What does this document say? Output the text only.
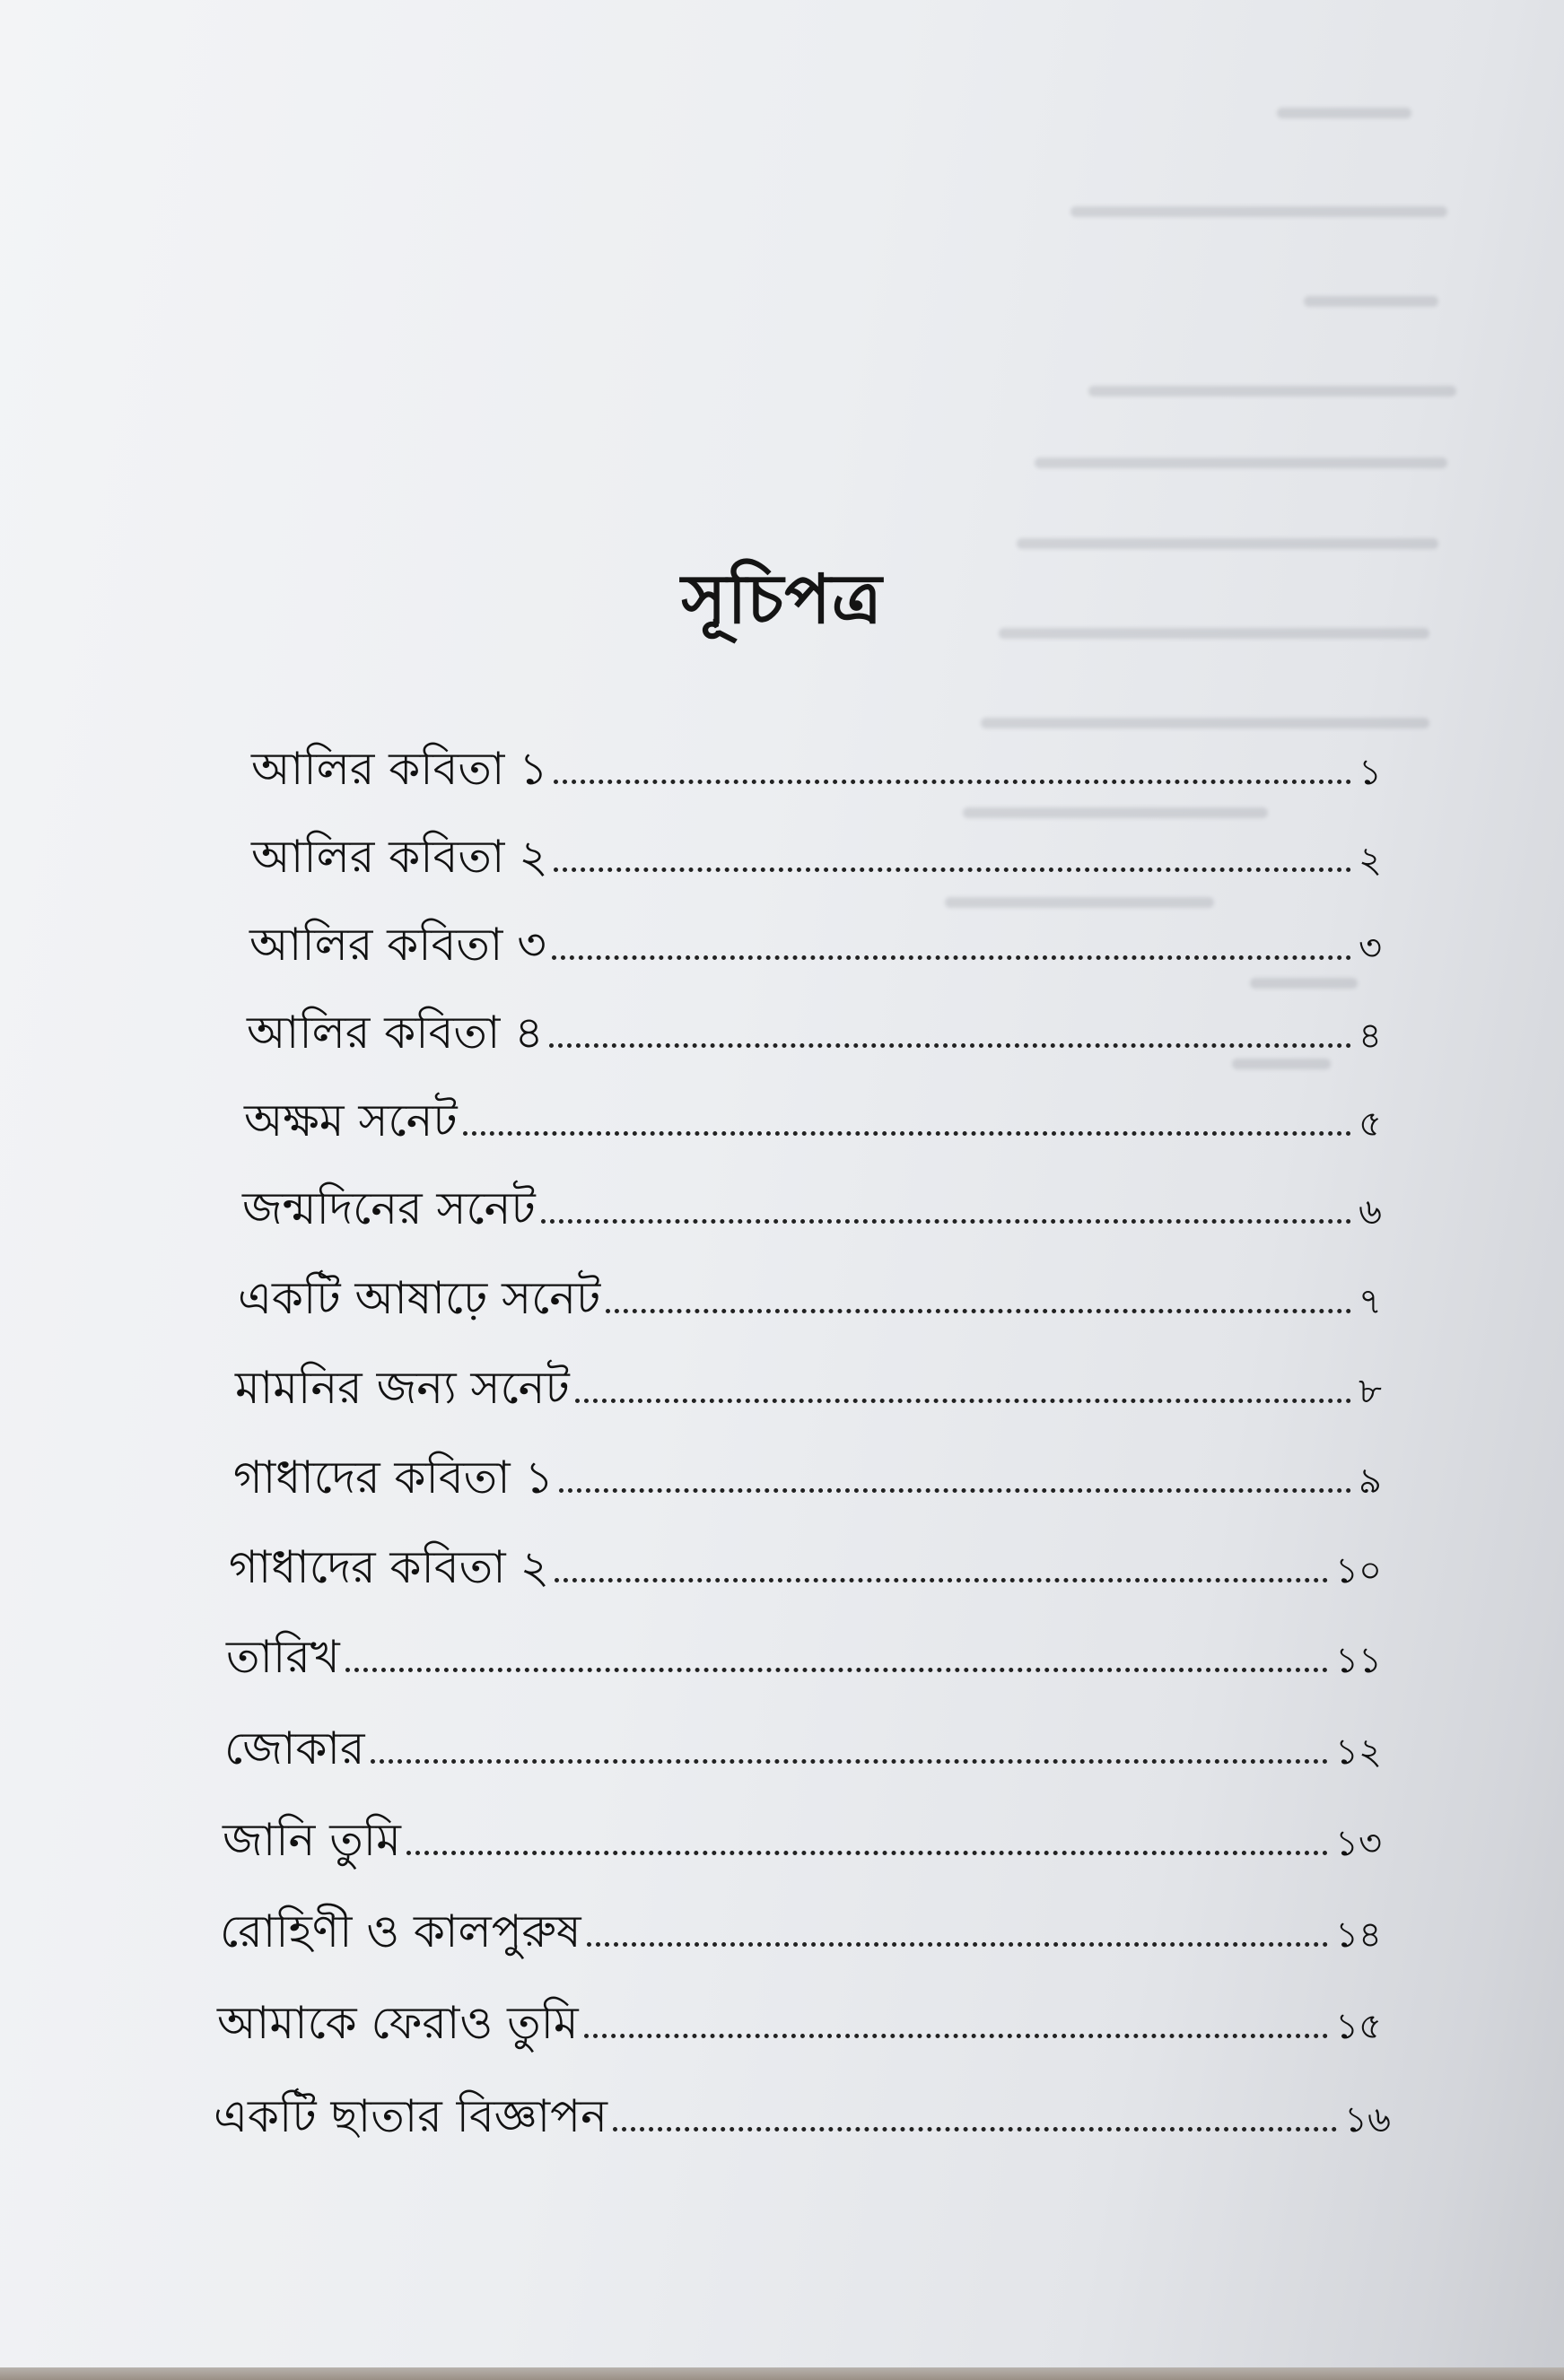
সূচিপত্র
আলির কবিতা ১	১
আলির কবিতা ২	২
আলির কবিতা ৩	৩
আলির কবিতা ৪	৪
অক্ষম সনেট	৫
জন্মদিনের সনেট	৬
একটি আষাঢ়ে সনেট	৭
মামনির জন্য সনেট	৮
গাধাদের কবিতা ১	৯
গাধাদের কবিতা ২	১০
তারিখ	১১
জোকার	১২
জানি তুমি	১৩
রোহিণী ও কালপুরুষ	১৪
আমাকে ফেরাও তুমি	১৫
একটি ছাতার বিজ্ঞাপন	১৬
